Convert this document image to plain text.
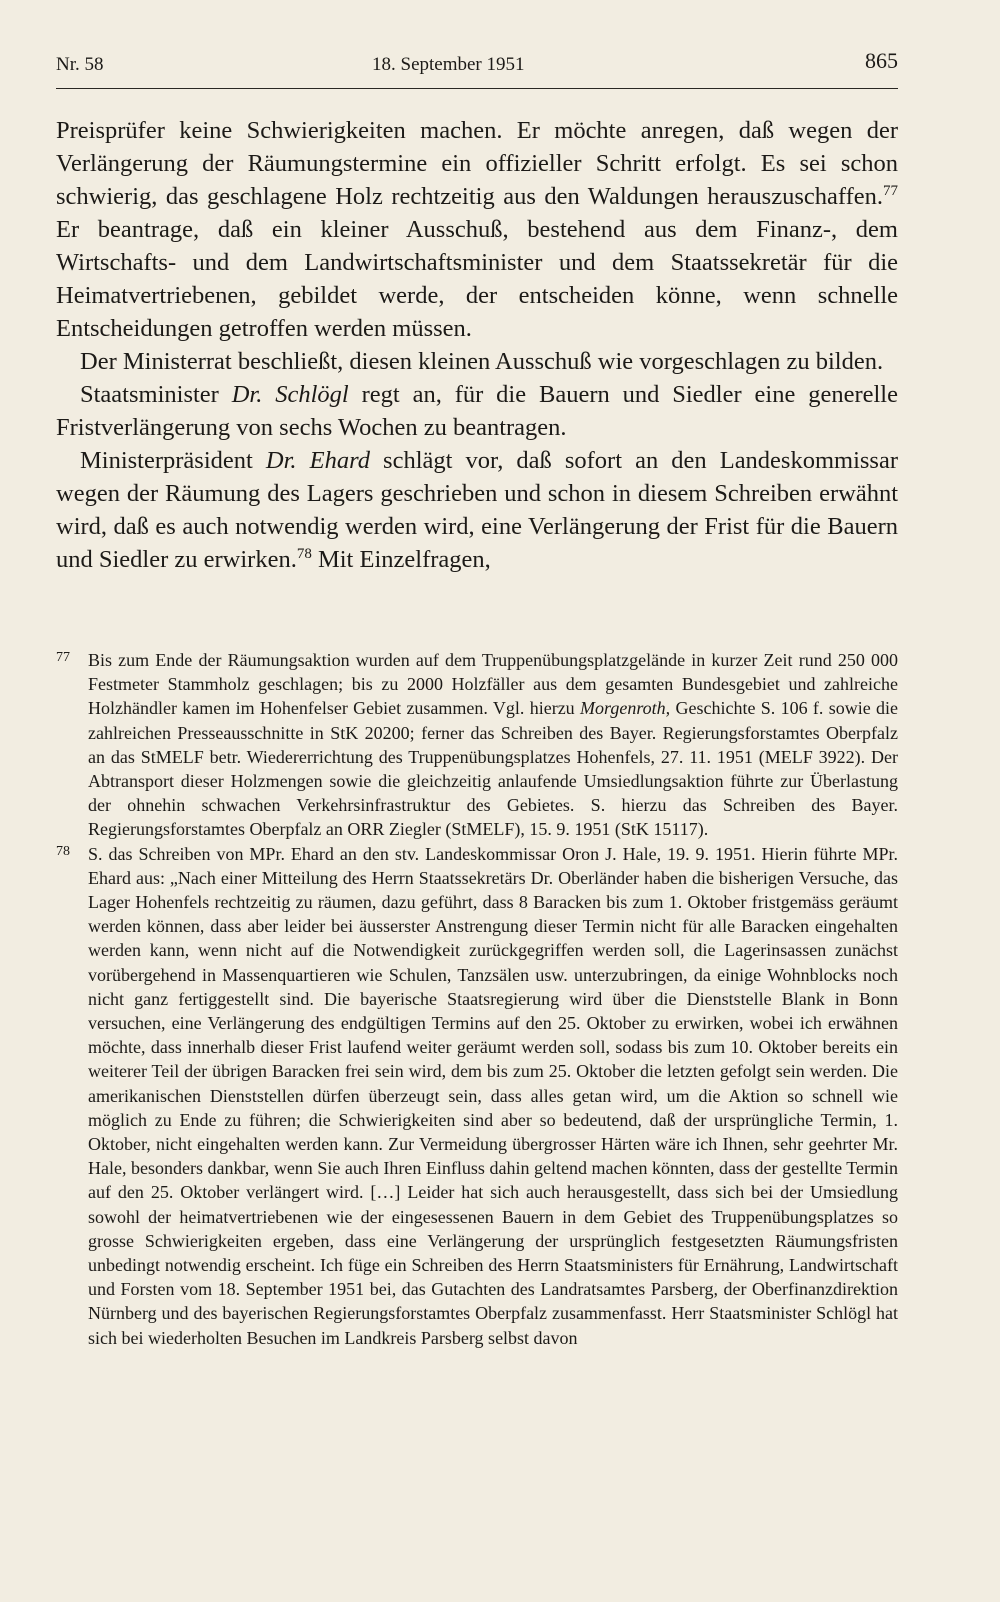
Nr. 58	18. September 1951	865

Preisprüfer keine Schwierigkeiten machen. Er möchte anregen, daß wegen der Verlängerung der Räumungstermine ein offizieller Schritt erfolgt. Es sei schon schwierig, das geschlagene Holz rechtzeitig aus den Waldungen herauszuschaffen.$^{77}$ Er beantrage, daß ein kleiner Ausschuß, bestehend aus dem Finanz-, dem Wirtschafts- und dem Landwirtschaftsminister und dem Staatssekretär für die Heimatvertriebenen, gebildet werde, der entscheiden könne, wenn schnelle Entscheidungen getroffen werden müssen.

Der Ministerrat beschließt, diesen kleinen Ausschuß wie vorgeschlagen zu bilden.

Staatsminister Dr. Schlögl regt an, für die Bauern und Siedler eine generelle Fristverlängerung von sechs Wochen zu beantragen.

Ministerpräsident Dr. Ehard schlägt vor, daß sofort an den Landeskommissar wegen der Räumung des Lagers geschrieben und schon in diesem Schreiben erwähnt wird, daß es auch notwendig werden wird, eine Verlängerung der Frist für die Bauern und Siedler zu erwirken.$^{78}$ Mit Einzelfragen,

77 Bis zum Ende der Räumungsaktion wurden auf dem Truppenübungsplatzgelände in kurzer Zeit rund 250 000 Festmeter Stammholz geschlagen; bis zu 2000 Holzfäller aus dem gesamten Bundesgebiet und zahlreiche Holzhändler kamen im Hohenfelser Gebiet zusammen. Vgl. hierzu Morgenroth, Geschichte S. 106 f. sowie die zahlreichen Presseausschnitte in StK 20200; ferner das Schreiben des Bayer. Regierungsforstamtes Oberpfalz an das StMELF betr. Wiedererrichtung des Truppenübungsplatzes Hohenfels, 27. 11. 1951 (MELF 3922). Der Abtransport dieser Holzmengen sowie die gleichzeitig anlaufende Umsiedlungsaktion führte zur Überlastung der ohnehin schwachen Verkehrsinfrastruktur des Gebietes. S. hierzu das Schreiben des Bayer. Regierungsforstamtes Oberpfalz an ORR Ziegler (StMELF), 15. 9. 1951 (StK 15117).
78 S. das Schreiben von MPr. Ehard an den stv. Landeskommissar Oron J. Hale, 19. 9. 1951. Hierin führte MPr. Ehard aus: „Nach einer Mitteilung des Herrn Staatssekretärs Dr. Oberländer haben die bisherigen Versuche, das Lager Hohenfels rechtzeitig zu räumen, dazu geführt, dass 8 Baracken bis zum 1. Oktober fristgemäss geräumt werden können, dass aber leider bei äusserster Anstrengung dieser Termin nicht für alle Baracken eingehalten werden kann, wenn nicht auf die Notwendigkeit zurückgegriffen werden soll, die Lagerinsassen zunächst vorübergehend in Massenquartieren wie Schulen, Tanzsälen usw. unterzubringen, da einige Wohnblocks noch nicht ganz fertiggestellt sind. Die bayerische Staatsregierung wird über die Dienststelle Blank in Bonn versuchen, eine Verlängerung des endgültigen Termins auf den 25. Oktober zu erwirken, wobei ich erwähnen möchte, dass innerhalb dieser Frist laufend weiter geräumt werden soll, sodass bis zum 10. Oktober bereits ein weiterer Teil der übrigen Baracken frei sein wird, dem bis zum 25. Oktober die letzten gefolgt sein werden. Die amerikanischen Dienststellen dürfen überzeugt sein, dass alles getan wird, um die Aktion so schnell wie möglich zu Ende zu führen; die Schwierigkeiten sind aber so bedeutend, daß der ursprüngliche Termin, 1. Oktober, nicht eingehalten werden kann. Zur Vermeidung übergrosser Härten wäre ich Ihnen, sehr geehrter Mr. Hale, besonders dankbar, wenn Sie auch Ihren Einfluss dahin geltend machen könnten, dass der gestellte Termin auf den 25. Oktober verlängert wird. […] Leider hat sich auch herausgestellt, dass sich bei der Umsiedlung sowohl der heimatvertriebenen wie der eingesessenen Bauern in dem Gebiet des Truppenübungsplatzes so grosse Schwierigkeiten ergeben, dass eine Verlängerung der ursprünglich festgesetzten Räumungsfristen unbedingt notwendig erscheint. Ich füge ein Schreiben des Herrn Staatsministers für Ernährung, Landwirtschaft und Forsten vom 18. September 1951 bei, das Gutachten des Landratsamtes Parsberg, der Oberfinanzdirektion Nürnberg und des bayerischen Regierungsforstamtes Oberpfalz zusammenfasst. Herr Staatsminister Schlögl hat sich bei wiederholten Besuchen im Landkreis Parsberg selbst davon
